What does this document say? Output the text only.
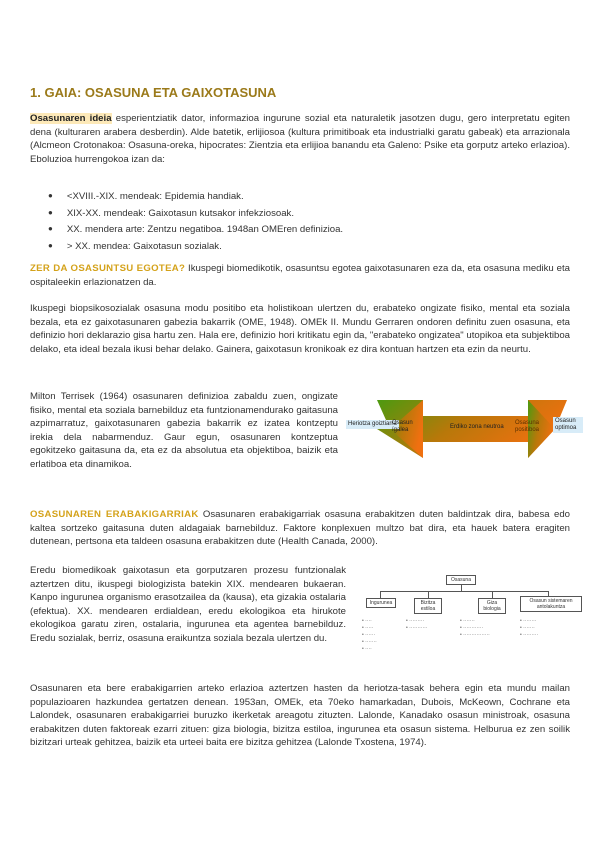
1. GAIA: OSASUNA ETA GAIXOTASUNA

Osasunaren ideia esperientziatik dator, informazioa ingurune sozial eta naturaletik jasotzen dugu, gero interpretatu egiten dena (kulturaren arabera desberdin). Alde batetik, erlijiosoa (kultura primitiboak eta industrialki garatu gabeak) eta arrazionala (Alcmeon Crotonakoa: Osasuna-oreka, hipocrates: Zientzia eta erlijioa banandu eta Galeno: Psike eta gorputz arteko erlazioa). Eboluzioa hurrengokoa izan da:

● <XVIII.-XIX. mendeak: Epidemia handiak.
● XIX-XX. mendeak: Gaixotasun kutsakor infekziosoak.
● XX. mendera arte: Zentzu negatiboa. 1948an OMEren definizioa.
● > XX. mendea: Gaixotasun sozialak.

ZER DA OSASUNTSU EGOTEA? Ikuspegi biomedikotik, osasuntsu egotea gaixotasunaren eza da, eta osasuna mediku eta ospitaleekin erlazionatzen da.

Ikuspegi biopsikosozialak osasuna modu positibo eta holistikoan ulertzen du, erabateko ongizate fisiko, mental eta soziala bezala, eta ez gaixotasunaren gabezia bakarrik (OME, 1948). OMEk II. Mundu Gerraren ondoren definitu zuen osasuna, eta definizio hori deklarazio gisa hartu zen. Hala ere, definizio hori kritikatu egin da, "erabateko ongizatea" utopikoa eta subjektiboa delako, eta ideal bezala ikusi behar delako. Gainera, gaixotasun kronikoak ez dira kontuan hartzen eta ezin da neurtu.

Milton Terrisek (1964) osasunaren definizioa zabaldu zuen, ongizate fisiko, mental eta soziala barnebilduz eta funtzionamendurako gaitasuna azpimarratuz, gaixotasunaren gabezia bakarrik ez izatea kontzeptu irekia dela nabarmenduz. Gaur egun, osasunaren kontzeptua egokitzeko gaitasuna da, eta ez da absolutua eta objektiboa, baizik eta erlatiboa eta dinamikoa.

Heriotza goiztiarra
Osasun ígalea	Erdiko zona neutroa
Osasuna positiboa
Osasun optimoa

OSASUNAREN ERABAKIGARRIAK Osasunaren erabakigarriak osasuna erabakitzen duten baldintzak dira, babesa edo kaltea sortzeko gaitasuna duten aldagaiak barnebilduz. Faktore konplexuen multzo bat dira, eta hauek batera eragiten dutenean, pertsona eta taldeen osasuna erabakitzen dute (Health Canada, 2000).

Eredu biomedikoak gaixotasun eta gorputzaren prozesu funtzionalak aztertzen ditu, ikuspegi biologizista batekin XIX. mendearen bukaeran. Kanpo ingurunea organismo erasotzailea da (kausa), eta gizakia ostalaria (efektua). XX. mendearen erdialdean, eredu ekologikoa eta hirukote ekologikoa garatu ziren, ostalaria, ingurunea eta agentea barnebilduz. Eredu sozialak, berriz, osasuna eraikuntza soziala bezala ulertzen du.

Osasuna
Ingurunea	Bizitza estiloa
Giza biologia
Osasun sistemaren antolakuntza
• ····
• ·····
• ······
• ·······
• ····
• ·········
• ···········
• ·······
• ············
• ················
• ········
• ·······
• ·········

Osasunaren eta bere erabakigarrien arteko erlazioa aztertzen hasten da heriotza-tasak behera egin eta mundu mailan populazioaren hazkundea gertatzen denean. 1953an, OMEk, eta 70eko hamarkadan, Dubois, McKeown, Cochrane eta Lalondek, osasunaren erabakigarriei buruzko ikerketak areagotu zituzten. Lalonde, Kanadako osasun ministroak, osasuna erabakitzen duten faktoreak ezarri zituen: giza biologia, bizitza estiloa, ingurunea eta osasun sistema. Helburua ez zen soilik bizitzari urteak gehitzea, baizik eta urteei baita ere bizitza gehitzea (Lalonde Txostena, 1974).
